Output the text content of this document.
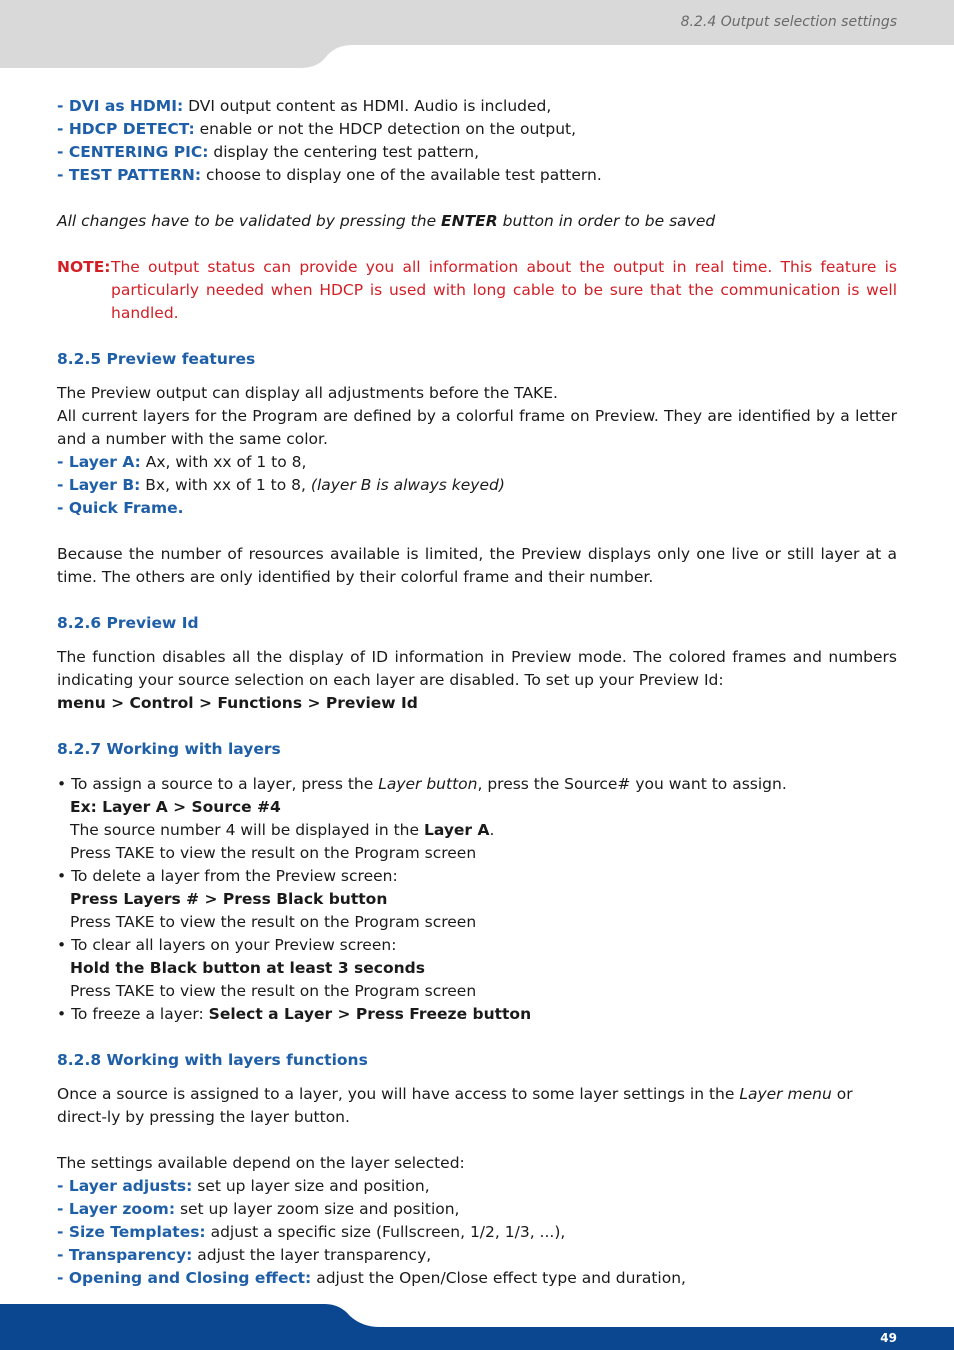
8.2.4 Output selection settings
- DVI as HDMI: DVI output content as HDMI. Audio is included,
- HDCP DETECT: enable or not the HDCP detection on the output,
- CENTERING PIC: display the centering test pattern,
- TEST PATTERN: choose to display one of the available test pattern.
All changes have to be validated by pressing the ENTER button in order to be saved
NOTE: The output status can provide you all information about the output in real time. This feature is particularly needed when HDCP is used with long cable to be sure that the communication is well handled.
8.2.5 Preview features
The Preview output can display all adjustments before the TAKE.
All current layers for the Program are defined by a colorful frame on Preview. They are identified by a letter and a number with the same color.
- Layer A: Ax, with xx of 1 to 8,
- Layer B: Bx, with xx of 1 to 8, (layer B is always keyed)
- Quick Frame.
Because the number of resources available is limited, the Preview displays only one live or still layer at a time. The others are only identified by their colorful frame and their number.
8.2.6 Preview Id
The function disables all the display of ID information in Preview mode. The colored frames and numbers indicating your source selection on each layer are disabled. To set up your Preview Id:
menu > Control > Functions > Preview Id
8.2.7 Working with layers
• To assign a source to a layer, press the Layer button, press the Source# you want to assign.
Ex: Layer A > Source #4
The source number 4 will be displayed in the Layer A.
Press TAKE to view the result on the Program screen
• To delete a layer from the Preview screen:
Press Layers # > Press Black button
Press TAKE to view the result on the Program screen
• To clear all layers on your Preview screen:
Hold the Black button at least 3 seconds
Press TAKE to view the result on the Program screen
• To freeze a layer: Select a Layer > Press Freeze button
8.2.8 Working with layers functions
Once a source is assigned to a layer, you will have access to some layer settings in the Layer menu or direct-ly by pressing the layer button.
The settings available depend on the layer selected:
- Layer adjusts: set up layer size and position,
- Layer zoom: set up layer zoom size and position,
- Size Templates: adjust a specific size (Fullscreen, 1/2, 1/3, ...),
- Transparency: adjust the layer transparency,
- Opening and Closing effect: adjust the Open/Close effect type and duration,
49
